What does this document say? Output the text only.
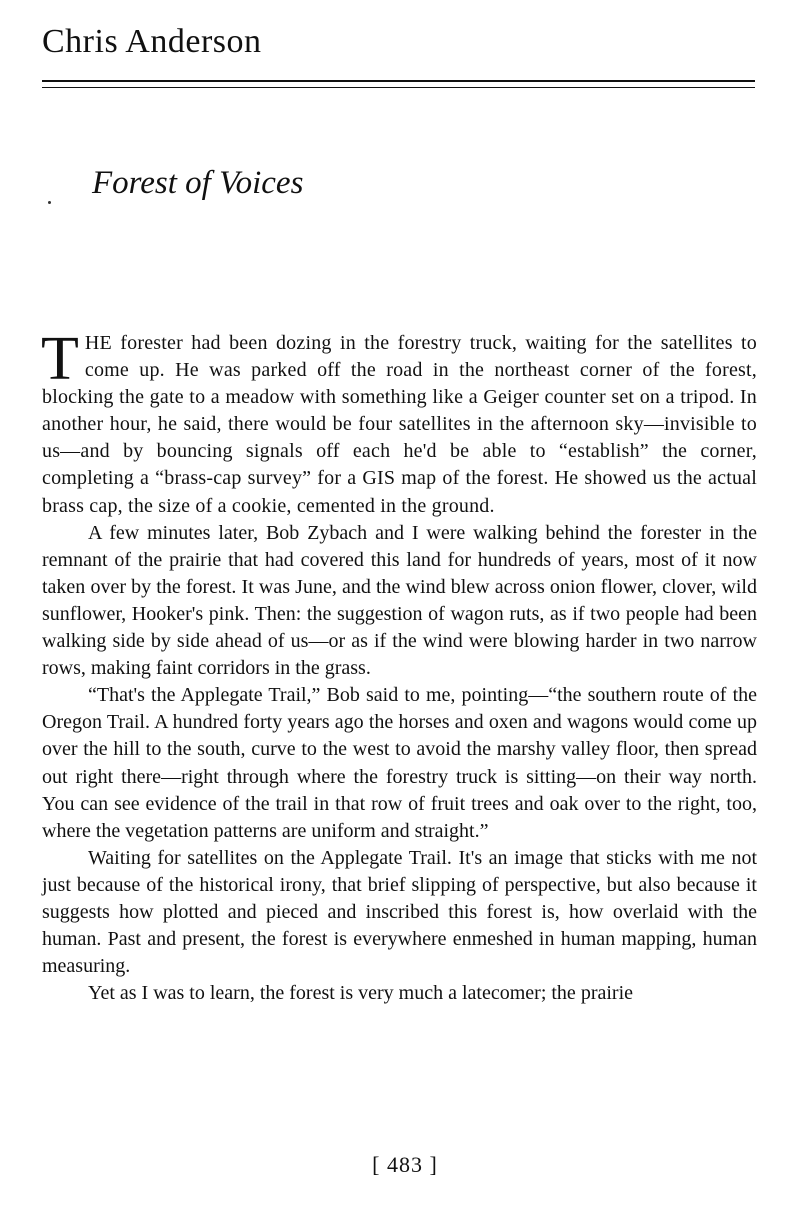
Chris Anderson
Forest of Voices

THE forester had been dozing in the forestry truck, waiting for the satellites to come up. He was parked off the road in the northeast corner of the forest, blocking the gate to a meadow with something like a Geiger counter set on a tripod. In another hour, he said, there would be four satellites in the afternoon sky—invisible to us—and by bouncing signals off each he'd be able to “establish” the corner, completing a “brass-cap survey” for a GIS map of the forest. He showed us the actual brass cap, the size of a cookie, cemented in the ground.

A few minutes later, Bob Zybach and I were walking behind the forester in the remnant of the prairie that had covered this land for hundreds of years, most of it now taken over by the forest. It was June, and the wind blew across onion flower, clover, wild sunflower, Hooker's pink. Then: the suggestion of wagon ruts, as if two people had been walking side by side ahead of us—or as if the wind were blowing harder in two narrow rows, making faint corridors in the grass.

“That's the Applegate Trail,” Bob said to me, pointing—“the southern route of the Oregon Trail. A hundred forty years ago the horses and oxen and wagons would come up over the hill to the south, curve to the west to avoid the marshy valley floor, then spread out right there—right through where the forestry truck is sitting—on their way north. You can see evidence of the trail in that row of fruit trees and oak over to the right, too, where the vegetation patterns are uniform and straight.”

Waiting for satellites on the Applegate Trail. It's an image that sticks with me not just because of the historical irony, that brief slipping of perspective, but also because it suggests how plotted and pieced and inscribed this forest is, how overlaid with the human. Past and present, the forest is everywhere enmeshed in human mapping, human measuring.

Yet as I was to learn, the forest is very much a latecomer; the prairie

[ 483 ]
